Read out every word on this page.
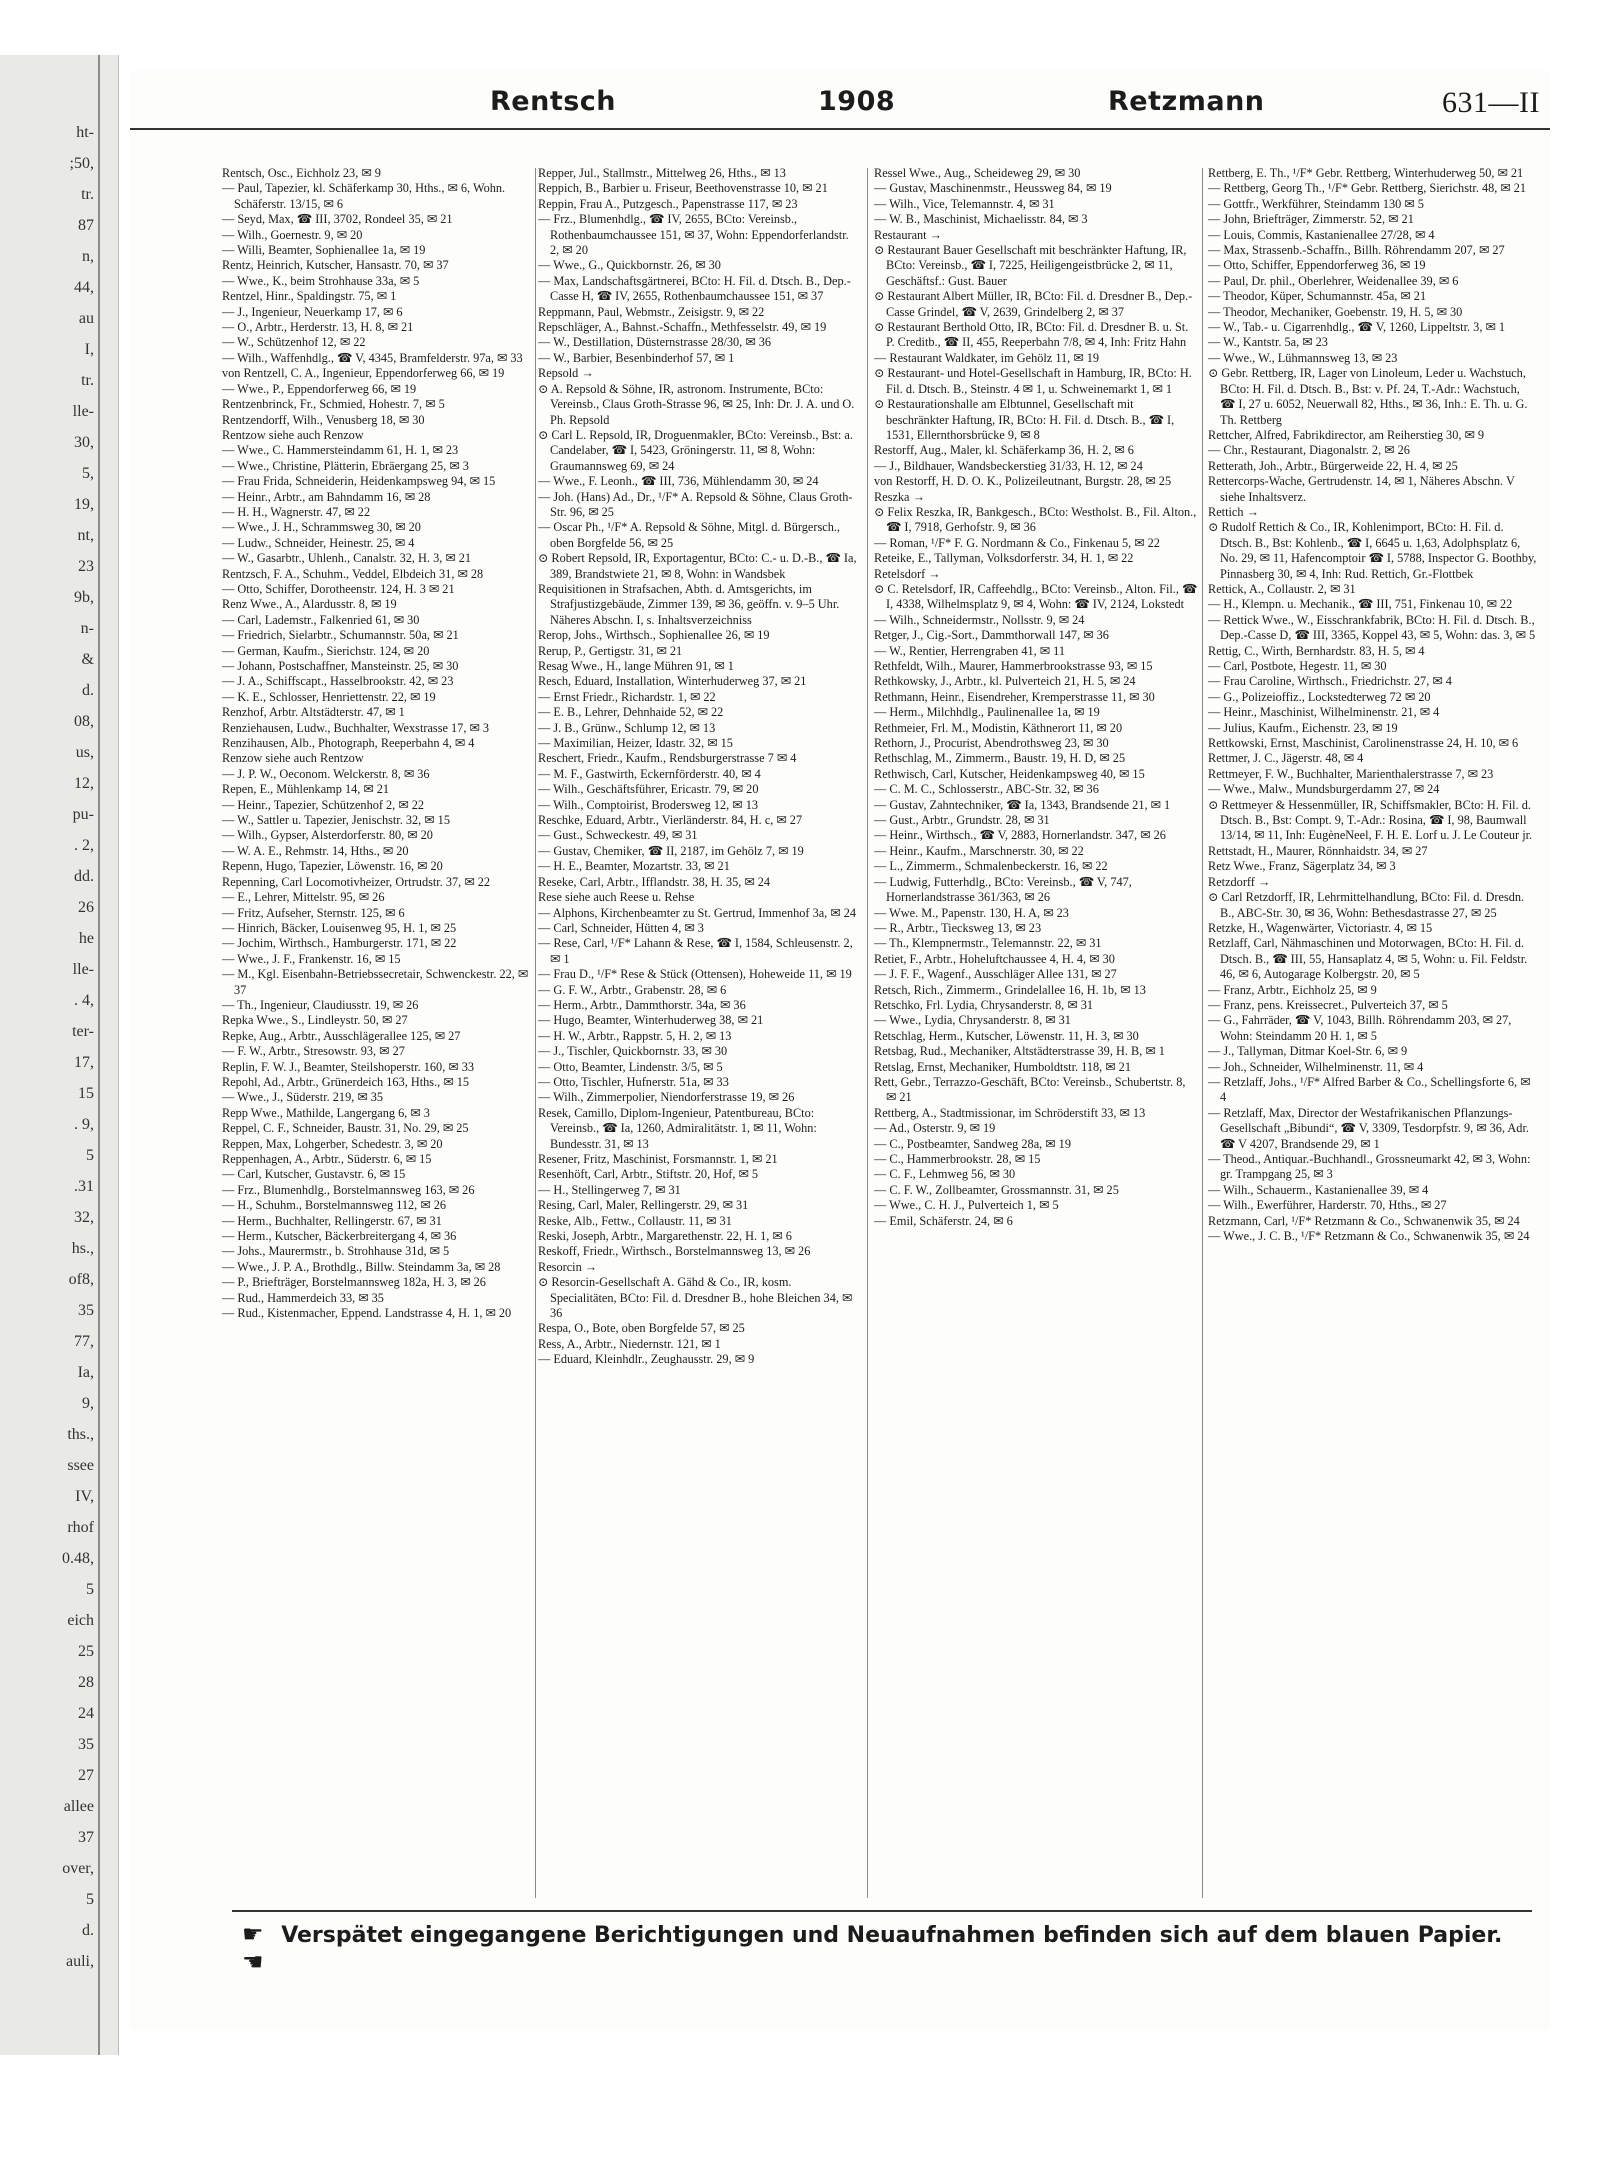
ht-
;50,
tr.
87
n,
44,
au
I,
tr.
lle-
30,
5,
19,
nt,
23
9b,
n-
&
d.
08,
us,
12,
pu-
. 2,
dd.
26
he
lle-
. 4,
ter-
17,
15
. 9,
5
.31
32,
hs.,
of8,
35
77,
Ia,
9,
ths.,
ssee
IV,
rhof
0.48,
5
eich
25
28
24
35
27
allee
37
over,
5
d.
auli,
Rentsch	1908	Retzmann	631—II

Rentsch, Osc., Eichholz 23, ✉ 9

— Paul, Tapezier, kl. Schäferkamp 30, Hths., ✉ 6, Wohn. Schäferstr. 13/15, ✉ 6

— Seyd, Max, ☎ III, 3702, Rondeel 35, ✉ 21

— Wilh., Goernestr. 9, ✉ 20

— Willi, Beamter, Sophienallee 1a, ✉ 19

Rentz, Heinrich, Kutscher, Hansastr. 70, ✉ 37

— Wwe., K., beim Strohhause 33a, ✉ 5

Rentzel, Hinr., Spaldingstr. 75, ✉ 1

— J., Ingenieur, Neuerkamp 17, ✉ 6

— O., Arbtr., Herderstr. 13, H. 8, ✉ 21

— W., Schützenhof 12, ✉ 22

— Wilh., Waffenhdlg., ☎ V, 4345, Bramfelderstr. 97a, ✉ 33

von Rentzell, C. A., Ingenieur, Eppendorferweg 66, ✉ 19

— Wwe., P., Eppendorferweg 66, ✉ 19

Rentzenbrinck, Fr., Schmied, Hohestr. 7, ✉ 5

Rentzendorff, Wilh., Venusberg 18, ✉ 30

Rentzow siehe auch Renzow

— Wwe., C. Hammersteindamm 61, H. 1, ✉ 23

— Wwe., Christine, Plätterin, Ebräergang 25, ✉ 3

— Frau Frida, Schneiderin, Heidenkampsweg 94, ✉ 15

— Heinr., Arbtr., am Bahndamm 16, ✉ 28

— H. H., Wagnerstr. 47, ✉ 22

— Wwe., J. H., Schrammsweg 30, ✉ 20

— Ludw., Schneider, Heinestr. 25, ✉ 4

— W., Gasarbtr., Uhlenh., Canalstr. 32, H. 3, ✉ 21

Rentzsch, F. A., Schuhm., Veddel, Elbdeich 31, ✉ 28

— Otto, Schiffer, Dorotheenstr. 124, H. 3 ✉ 21

Renz Wwe., A., Alardusstr. 8, ✉ 19

— Carl, Lademstr., Falkenried 61, ✉ 30

— Friedrich, Sielarbtr., Schumannstr. 50a, ✉ 21

— German, Kaufm., Sierichstr. 124, ✉ 20

— Johann, Postschaffner, Mansteinstr. 25, ✉ 30

— J. A., Schiffscapt., Hasselbrookstr. 42, ✉ 23

— K. E., Schlosser, Henriettenstr. 22, ✉ 19

Renzhof, Arbtr. Altstädterstr. 47, ✉ 1

Renziehausen, Ludw., Buchhalter, Wexstrasse 17, ✉ 3

Renzihausen, Alb., Photograph, Reeperbahn 4, ✉ 4

Renzow siehe auch Rentzow

— J. P. W., Oeconom. Welckerstr. 8, ✉ 36

Repen, E., Mühlenkamp 14, ✉ 21

— Heinr., Tapezier, Schützenhof 2, ✉ 22

— W., Sattler u. Tapezier, Jenischstr. 32, ✉ 15

— Wilh., Gypser, Alsterdorferstr. 80, ✉ 20

— W. A. E., Rehmstr. 14, Hths., ✉ 20

Repenn, Hugo, Tapezier, Löwenstr. 16, ✉ 20

Repenning, Carl Locomotivheizer, Ortrudstr. 37, ✉ 22

— E., Lehrer, Mittelstr. 95, ✉ 26

— Fritz, Aufseher, Sternstr. 125, ✉ 6

— Hinrich, Bäcker, Louisenweg 95, H. 1, ✉ 25

— Jochim, Wirthsch., Hamburgerstr. 171, ✉ 22

— Wwe., J. F., Frankenstr. 16, ✉ 15

— M., Kgl. Eisenbahn-Betriebssecretair, Schwenckestr. 22, ✉ 37

— Th., Ingenieur, Claudiusstr. 19, ✉ 26

Repka Wwe., S., Lindleystr. 50, ✉ 27

Repke, Aug., Arbtr., Ausschlägerallee 125, ✉ 27

— F. W., Arbtr., Stresowstr. 93, ✉ 27

Replin, F. W. J., Beamter, Steilshoperstr. 160, ✉ 33

Repohl, Ad., Arbtr., Grünerdeich 163, Hths., ✉ 15

— Wwe., J., Süderstr. 219, ✉ 35

Repp Wwe., Mathilde, Langergang 6, ✉ 3

Reppel, C. F., Schneider, Baustr. 31, No. 29, ✉ 25

Reppen, Max, Lohgerber, Schedestr. 3, ✉ 20

Reppenhagen, A., Arbtr., Süderstr. 6, ✉ 15

— Carl, Kutscher, Gustavstr. 6, ✉ 15

— Frz., Blumenhdlg., Borstelmannsweg 163, ✉ 26

— H., Schuhm., Borstelmannsweg 112, ✉ 26

— Herm., Buchhalter, Rellingerstr. 67, ✉ 31

— Herm., Kutscher, Bäckerbreitergang 4, ✉ 36

— Johs., Maurermstr., b. Strohhause 31d, ✉ 5

— Wwe., J. P. A., Brothdlg., Billw. Steindamm 3a, ✉ 28

— P., Briefträger, Borstelmannsweg 182a, H. 3, ✉ 26

— Rud., Hammerdeich 33, ✉ 35

— Rud., Kistenmacher, Eppend. Landstrasse 4, H. 1, ✉ 20

Repper, Jul., Stallmstr., Mittelweg 26, Hths., ✉ 13

Reppich, B., Barbier u. Friseur, Beethovenstrasse 10, ✉ 21

Reppin, Frau A., Putzgesch., Papenstrasse 117, ✉ 23

— Frz., Blumenhdlg., ☎ IV, 2655, BCto: Vereinsb., Rothenbaumchaussee 151, ✉ 37, Wohn: Eppendorferlandstr. 2, ✉ 20

— Wwe., G., Quickbornstr. 26, ✉ 30

— Max, Landschaftsgärtnerei, BCto: H. Fil. d. Dtsch. B., Dep.-Casse H, ☎ IV, 2655, Rothenbaumchaussee 151, ✉ 37

Reppmann, Paul, Webmstr., Zeisigstr. 9, ✉ 22

Repschläger, A., Bahnst.-Schaffn., Methfesselstr. 49, ✉ 19

— W., Destillation, Düsternstrasse 28/30, ✉ 36

— W., Barbier, Besenbinderhof 57, ✉ 1

Repsold →

⊙ A. Repsold & Söhne, IR, astronom. Instrumente, BCto: Vereinsb., Claus Groth-Strasse 96, ✉ 25, Inh: Dr. J. A. und O. Ph. Repsold

⊙ Carl L. Repsold, IR, Droguenmakler, BCto: Vereinsb., Bst: a. Candelaber, ☎ I, 5423, Gröningerstr. 11, ✉ 8, Wohn: Graumannsweg 69, ✉ 24

— Wwe., F. Leonh., ☎ III, 736, Mühlendamm 30, ✉ 24

— Joh. (Hans) Ad., Dr., ¹/F* A. Repsold & Söhne, Claus Groth-Str. 96, ✉ 25

— Oscar Ph., ¹/F* A. Repsold & Söhne, Mitgl. d. Bürgersch., oben Borgfelde 56, ✉ 25

⊙ Robert Repsold, IR, Exportagentur, BCto: C.- u. D.-B., ☎ Ia, 389, Brandstwiete 21, ✉ 8, Wohn: in Wandsbek

Requisitionen in Strafsachen, Abth. d. Amtsgerichts, im Strafjustizgebäude, Zimmer 139, ✉ 36, geöffn. v. 9–5 Uhr. Näheres Abschn. I, s. Inhaltsverzeichniss

Rerop, Johs., Wirthsch., Sophienallee 26, ✉ 19

Rerup, P., Gertigstr. 31, ✉ 21

Resag Wwe., H., lange Mühren 91, ✉ 1

Resch, Eduard, Installation, Winterhuderweg 37, ✉ 21

— Ernst Friedr., Richardstr. 1, ✉ 22

— E. B., Lehrer, Dehnhaide 52, ✉ 22

— J. B., Grünw., Schlump 12, ✉ 13

— Maximilian, Heizer, Idastr. 32, ✉ 15

Reschert, Friedr., Kaufm., Rendsburgerstrasse 7 ✉ 4

— M. F., Gastwirth, Eckernförderstr. 40, ✉ 4

— Wilh., Geschäftsführer, Ericastr. 79, ✉ 20

— Wilh., Comptoirist, Brodersweg 12, ✉ 13

Reschke, Eduard, Arbtr., Vierländerstr. 84, H. c, ✉ 27

— Gust., Schweckestr. 49, ✉ 31

— Gustav, Chemiker, ☎ II, 2187, im Gehölz 7, ✉ 19

— H. E., Beamter, Mozartstr. 33, ✉ 21

Reseke, Carl, Arbtr., Ifflandstr. 38, H. 35, ✉ 24

Rese siehe auch Reese u. Rehse

— Alphons, Kirchenbeamter zu St. Gertrud, Immenhof 3a, ✉ 24

— Carl, Schneider, Hütten 4, ✉ 3

— Rese, Carl, ¹/F* Lahann & Rese, ☎ I, 1584, Schleusenstr. 2, ✉ 1

— Frau D., ¹/F* Rese & Stück (Ottensen), Hoheweide 11, ✉ 19

— G. F. W., Arbtr., Grabenstr. 28, ✉ 6

— Herm., Arbtr., Dammthorstr. 34a, ✉ 36

— Hugo, Beamter, Winterhuderweg 38, ✉ 21

— H. W., Arbtr., Rappstr. 5, H. 2, ✉ 13

— J., Tischler, Quickbornstr. 33, ✉ 30

— Otto, Beamter, Lindenstr. 3/5, ✉ 5

— Otto, Tischler, Hufnerstr. 51a, ✉ 33

— Wilh., Zimmerpolier, Niendorferstrasse 19, ✉ 26

Resek, Camillo, Diplom-Ingenieur, Patentbureau, BCto: Vereinsb., ☎ Ia, 1260, Admiralitätstr. 1, ✉ 11, Wohn: Bundesstr. 31, ✉ 13

Resener, Fritz, Maschinist, Forsmannstr. 1, ✉ 21

Resenhöft, Carl, Arbtr., Stiftstr. 20, Hof, ✉ 5

— H., Stellingerweg 7, ✉ 31

Resing, Carl, Maler, Rellingerstr. 29, ✉ 31

Reske, Alb., Fettw., Collaustr. 11, ✉ 31

Reski, Joseph, Arbtr., Margarethenstr. 22, H. 1, ✉ 6

Reskoff, Friedr., Wirthsch., Borstelmannsweg 13, ✉ 26

Resorcin →

⊙ Resorcin-Gesellschaft A. Gähd & Co., IR, kosm. Specialitäten, BCto: Fil. d. Dresdner B., hohe Bleichen 34, ✉ 36

Respa, O., Bote, oben Borgfelde 57, ✉ 25

Ress, A., Arbtr., Niedernstr. 121, ✉ 1

— Eduard, Kleinhdlr., Zeughausstr. 29, ✉ 9

Ressel Wwe., Aug., Scheideweg 29, ✉ 30

— Gustav, Maschinenmstr., Heussweg 84, ✉ 19

— Wilh., Vice, Telemannstr. 4, ✉ 31

— W. B., Maschinist, Michaelisstr. 84, ✉ 3

Restaurant →

⊙ Restaurant Bauer Gesellschaft mit beschränkter Haftung, IR, BCto: Vereinsb., ☎ I, 7225, Heiligengeistbrücke 2, ✉ 11, Geschäftsf.: Gust. Bauer

⊙ Restaurant Albert Müller, IR, BCto: Fil. d. Dresdner B., Dep.-Casse Grindel, ☎ V, 2639, Grindelberg 2, ✉ 37

⊙ Restaurant Berthold Otto, IR, BCto: Fil. d. Dresdner B. u. St. P. Creditb., ☎ II, 455, Reeperbahn 7/8, ✉ 4, Inh: Fritz Hahn

— Restaurant Waldkater, im Gehölz 11, ✉ 19

⊙ Restaurant- und Hotel-Gesellschaft in Hamburg, IR, BCto: H. Fil. d. Dtsch. B., Steinstr. 4 ✉ 1, u. Schweinemarkt 1, ✉ 1

⊙ Restaurationshalle am Elbtunnel, Gesellschaft mit beschränkter Haftung, IR, BCto: H. Fil. d. Dtsch. B., ☎ I, 1531, Ellernthorsbrücke 9, ✉ 8

Restorff, Aug., Maler, kl. Schäferkamp 36, H. 2, ✉ 6

— J., Bildhauer, Wandsbeckerstieg 31/33, H. 12, ✉ 24

von Restorff, H. D. O. K., Polizeileutnant, Burgstr. 28, ✉ 25

Reszka →

⊙ Felix Reszka, IR, Bankgesch., BCto: Westholst. B., Fil. Alton., ☎ I, 7918, Gerhofstr. 9, ✉ 36

— Roman, ¹/F* F. G. Nordmann & Co., Finkenau 5, ✉ 22

Reteike, E., Tallyman, Volksdorferstr. 34, H. 1, ✉ 22

Retelsdorf →

⊙ C. Retelsdorf, IR, Caffeehdlg., BCto: Vereinsb., Alton. Fil., ☎ I, 4338, Wilhelmsplatz 9, ✉ 4, Wohn: ☎ IV, 2124, Lokstedt

— Wilh., Schneidermstr., Nollsstr. 9, ✉ 24

Retger, J., Cig.-Sort., Dammthorwall 147, ✉ 36

— W., Rentier, Herrengraben 41, ✉ 11

Rethfeldt, Wilh., Maurer, Hammerbrookstrasse 93, ✉ 15

Rethkowsky, J., Arbtr., kl. Pulverteich 21, H. 5, ✉ 24

Rethmann, Heinr., Eisendreher, Kremperstrasse 11, ✉ 30

— Herm., Milchhdlg., Paulinenallee 1a, ✉ 19

Rethmeier, Frl. M., Modistin, Käthnerort 11, ✉ 20

Rethorn, J., Procurist, Abendrothsweg 23, ✉ 30

Rethschlag, M., Zimmerm., Baustr. 19, H. D, ✉ 25

Rethwisch, Carl, Kutscher, Heidenkampsweg 40, ✉ 15

— C. M. C., Schlosserstr., ABC-Str. 32, ✉ 36

— Gustav, Zahntechniker, ☎ Ia, 1343, Brandsende 21, ✉ 1

— Gust., Arbtr., Grundstr. 28, ✉ 31

— Heinr., Wirthsch., ☎ V, 2883, Hornerlandstr. 347, ✉ 26

— Heinr., Kaufm., Marschnerstr. 30, ✉ 22

— L., Zimmerm., Schmalenbeckerstr. 16, ✉ 22

— Ludwig, Futterhdlg., BCto: Vereinsb., ☎ V, 747, Hornerlandstrasse 361/363, ✉ 26

— Wwe. M., Papenstr. 130, H. A, ✉ 23

— R., Arbtr., Tiecksweg 13, ✉ 23

— Th., Klempnermstr., Telemannstr. 22, ✉ 31

Retiet, F., Arbtr., Hoheluftchaussee 4, H. 4, ✉ 30

— J. F. F., Wagenf., Ausschläger Allee 131, ✉ 27

Retsch, Rich., Zimmerm., Grindelallee 16, H. 1b, ✉ 13

Retschko, Frl. Lydia, Chrysanderstr. 8, ✉ 31

— Wwe., Lydia, Chrysanderstr. 8, ✉ 31

Retschlag, Herm., Kutscher, Löwenstr. 11, H. 3, ✉ 30

Retsbag, Rud., Mechaniker, Altstädterstrasse 39, H. B, ✉ 1

Retslag, Ernst, Mechaniker, Humboldtstr. 118, ✉ 21

Rett, Gebr., Terrazzo-Geschäft, BCto: Vereinsb., Schubertstr. 8, ✉ 21

Rettberg, A., Stadtmissionar, im Schröderstift 33, ✉ 13

— Ad., Osterstr. 9, ✉ 19

— C., Postbeamter, Sandweg 28a, ✉ 19

— C., Hammerbrookstr. 28, ✉ 15

— C. F., Lehmweg 56, ✉ 30

— C. F. W., Zollbeamter, Grossmannstr. 31, ✉ 25

— Wwe., C. H. J., Pulverteich 1, ✉ 5

— Emil, Schäferstr. 24, ✉ 6

Rettberg, E. Th., ¹/F* Gebr. Rettberg, Winterhuderweg 50, ✉ 21

— Rettberg, Georg Th., ¹/F* Gebr. Rettberg, Sierichstr. 48, ✉ 21

— Gottfr., Werkführer, Steindamm 130 ✉ 5

— John, Briefträger, Zimmerstr. 52, ✉ 21

— Louis, Commis, Kastanienallee 27/28, ✉ 4

— Max, Strassenb.-Schaffn., Billh. Röhrendamm 207, ✉ 27

— Otto, Schiffer, Eppendorferweg 36, ✉ 19

— Paul, Dr. phil., Oberlehrer, Weidenallee 39, ✉ 6

— Theodor, Küper, Schumannstr. 45a, ✉ 21

— Theodor, Mechaniker, Goebenstr. 19, H. 5, ✉ 30

— W., Tab.- u. Cigarrenhdlg., ☎ V, 1260, Lippeltstr. 3, ✉ 1

— W., Kantstr. 5a, ✉ 23

— Wwe., W., Lühmannsweg 13, ✉ 23

⊙ Gebr. Rettberg, IR, Lager von Linoleum, Leder u. Wachstuch, BCto: H. Fil. d. Dtsch. B., Bst: v. Pf. 24, T.-Adr.: Wachstuch, ☎ I, 27 u. 6052, Neuerwall 82, Hths., ✉ 36, Inh.: E. Th. u. G. Th. Rettberg

Rettcher, Alfred, Fabrikdirector, am Reiherstieg 30, ✉ 9

— Chr., Restaurant, Diagonalstr. 2, ✉ 26

Retterath, Joh., Arbtr., Bürgerweide 22, H. 4, ✉ 25

Rettercorps-Wache, Gertrudenstr. 14, ✉ 1, Näheres Abschn. V siehe Inhaltsverz.

Rettich →

⊙ Rudolf Rettich & Co., IR, Kohlenimport, BCto: H. Fil. d. Dtsch. B., Bst: Kohlenb., ☎ I, 6645 u. 1,63, Adolphsplatz 6, No. 29, ✉ 11, Hafencomptoir ☎ I, 5788, Inspector G. Boothby, Pinnasberg 30, ✉ 4, Inh: Rud. Rettich, Gr.-Flottbek

Rettick, A., Collaustr. 2, ✉ 31

— H., Klempn. u. Mechanik., ☎ III, 751, Finkenau 10, ✉ 22

— Rettick Wwe., W., Eisschrankfabrik, BCto: H. Fil. d. Dtsch. B., Dep.-Casse D, ☎ III, 3365, Koppel 43, ✉ 5, Wohn: das. 3, ✉ 5

Rettig, C., Wirth, Bernhardstr. 83, H. 5, ✉ 4

— Carl, Postbote, Hegestr. 11, ✉ 30

— Frau Caroline, Wirthsch., Friedrichstr. 27, ✉ 4

— G., Polizeioffiz., Lockstedterweg 72 ✉ 20

— Heinr., Maschinist, Wilhelminenstr. 21, ✉ 4

— Julius, Kaufm., Eichenstr. 23, ✉ 19

Rettkowski, Ernst, Maschinist, Carolinenstrasse 24, H. 10, ✉ 6

Rettmer, J. C., Jägerstr. 48, ✉ 4

Rettmeyer, F. W., Buchhalter, Marienthalerstrasse 7, ✉ 23

— Wwe., Malw., Mundsburgerdamm 27, ✉ 24

⊙ Rettmeyer & Hessenmüller, IR, Schiffsmakler, BCto: H. Fil. d. Dtsch. B., Bst: Compt. 9, T.-Adr.: Rosina, ☎ I, 98, Baumwall 13/14, ✉ 11, Inh: EugèneNeel, F. H. E. Lorf u. J. Le Couteur jr.

Rettstadt, H., Maurer, Rönnhaidstr. 34, ✉ 27

Retz Wwe., Franz, Sägerplatz 34, ✉ 3

Retzdorff →

⊙ Carl Retzdorff, IR, Lehrmittelhandlung, BCto: Fil. d. Dresdn. B., ABC-Str. 30, ✉ 36, Wohn: Bethesdastrasse 27, ✉ 25

Retzke, H., Wagenwärter, Victoriastr. 4, ✉ 15

Retzlaff, Carl, Nähmaschinen und Motorwagen, BCto: H. Fil. d. Dtsch. B., ☎ III, 55, Hansaplatz 4, ✉ 5, Wohn: u. Fil. Feldstr. 46, ✉ 6, Autogarage Kolbergstr. 20, ✉ 5

— Franz, Arbtr., Eichholz 25, ✉ 9

— Franz, pens. Kreissecret., Pulverteich 37, ✉ 5

— G., Fahrräder, ☎ V, 1043, Billh. Röhrendamm 203, ✉ 27, Wohn: Steindamm 20 H. 1, ✉ 5

— J., Tallyman, Ditmar Koel-Str. 6, ✉ 9

— Joh., Schneider, Wilhelminenstr. 11, ✉ 4

— Retzlaff, Johs., ¹/F* Alfred Barber & Co., Schellingsforte 6, ✉ 4

— Retzlaff, Max, Director der Westafrikanischen Pflanzungs-Gesellschaft „Bibundi“, ☎ V, 3309, Tesdorpfstr. 9, ✉ 36, Adr. ☎ V 4207, Brandsende 29, ✉ 1

— Theod., Antiquar.-Buchhandl., Grossneumarkt 42, ✉ 3, Wohn: gr. Trampgang 25, ✉ 3

— Wilh., Schauerm., Kastanienallee 39, ✉ 4

— Wilh., Ewerführer, Harderstr. 70, Hths., ✉ 27

Retzmann, Carl, ¹/F* Retzmann & Co., Schwanenwik 35, ✉ 24

— Wwe., J. C. B., ¹/F* Retzmann & Co., Schwanenwik 35, ✉ 24

☛ Verspätet eingegangene Berichtigungen und Neuaufnahmen befinden sich auf dem blauen Papier. ☚
